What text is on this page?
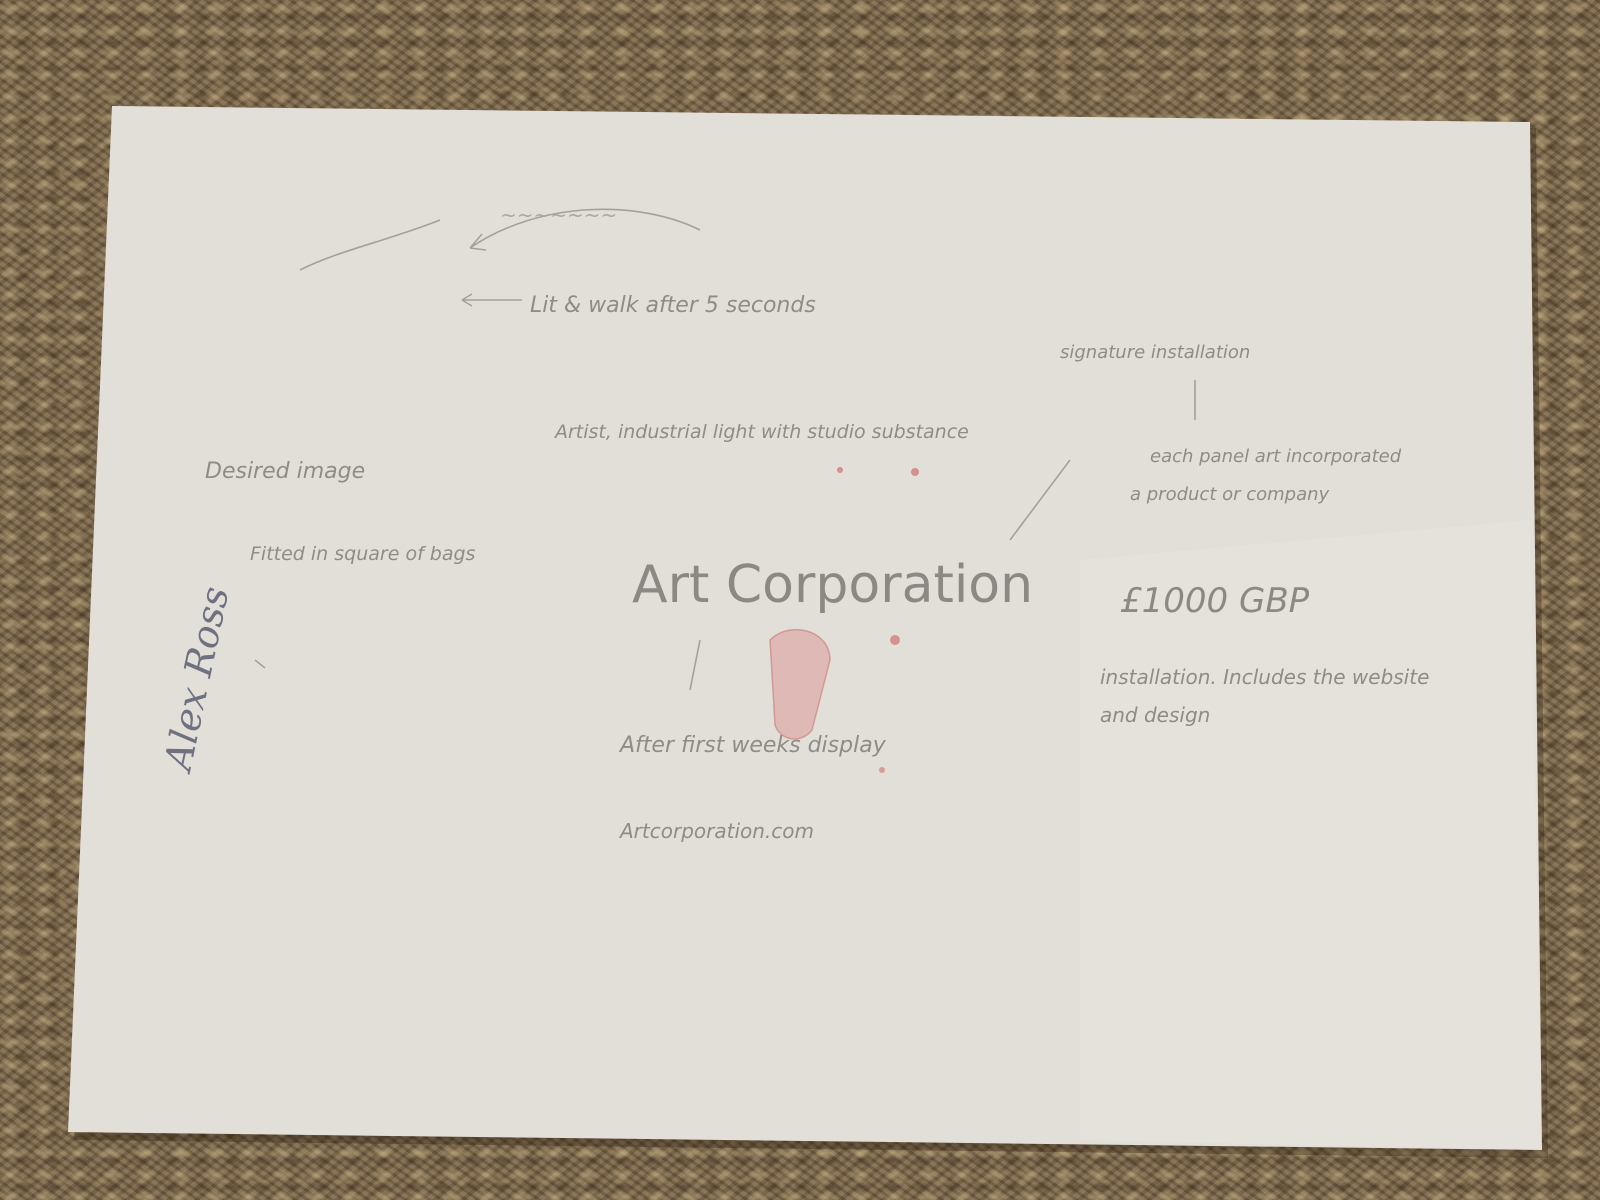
~~~~~~~
Lit & walk after 5 seconds
Artist, industrial light with studio substance
Desired image
Fitted in square of bags
signature installation
each panel art incorporated
a product or company
Art Corporation
After first weeks display
Artcorporation.com
£1000 GBP
installation. Includes the website
and design
Alex Ross
